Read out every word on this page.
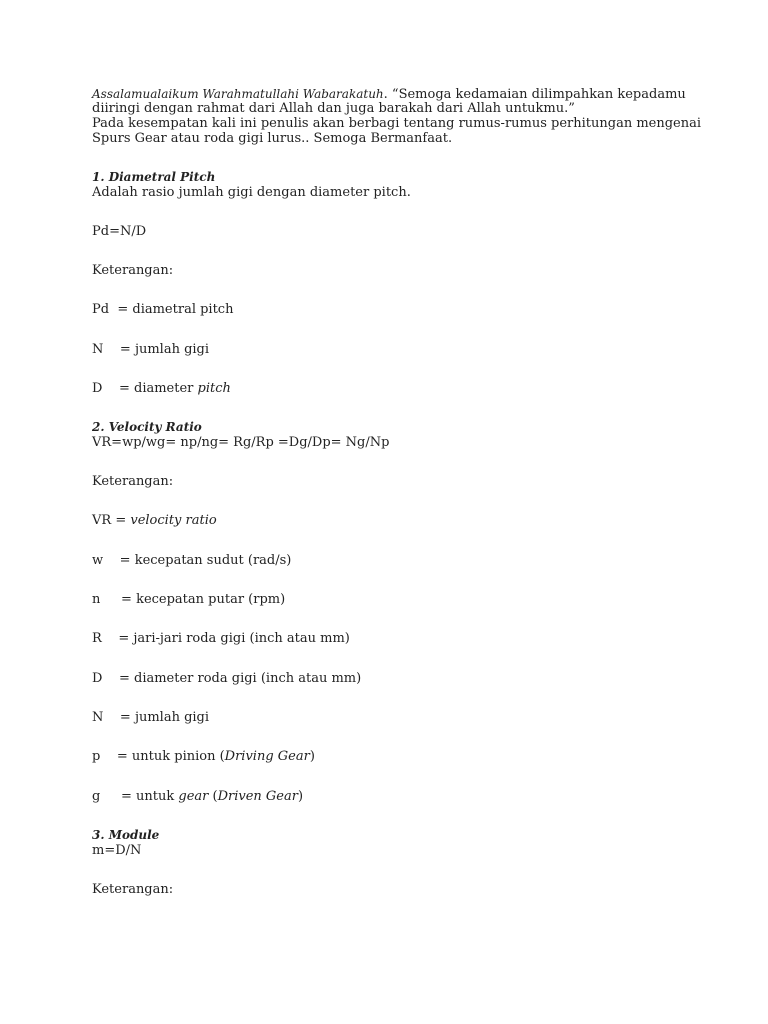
Assalamualaikum Warahmatullahi Wabarakatuh. “Semoga kedamaian dilimpahkan kepadamu

diiringi dengan rahmat dari Allah dan juga barakah dari Allah untukmu.”

Pada kesempatan kali ini penulis akan berbagi tentang rumus-rumus perhitungan mengenai

Spurs Gear atau roda gigi lurus.. Semoga Bermanfaat.

1. Diametral Pitch

Adalah rasio jumlah gigi dengan diameter pitch.

Pd=N/D

Keterangan:

Pd  = diametral pitch

N    = jumlah gigi

D    = diameter pitch

2. Velocity Ratio

VR=wp/wg= np/ng= Rg/Rp =Dg/Dp= Ng/Np

Keterangan:

VR = velocity ratio

w    = kecepatan sudut (rad/s)

n     = kecepatan putar (rpm)

R    = jari-jari roda gigi (inch atau mm)

D    = diameter roda gigi (inch atau mm)

N    = jumlah gigi

p    = untuk pinion (Driving Gear)

g     = untuk gear (Driven Gear)

3. Module

m=D/N

Keterangan:
